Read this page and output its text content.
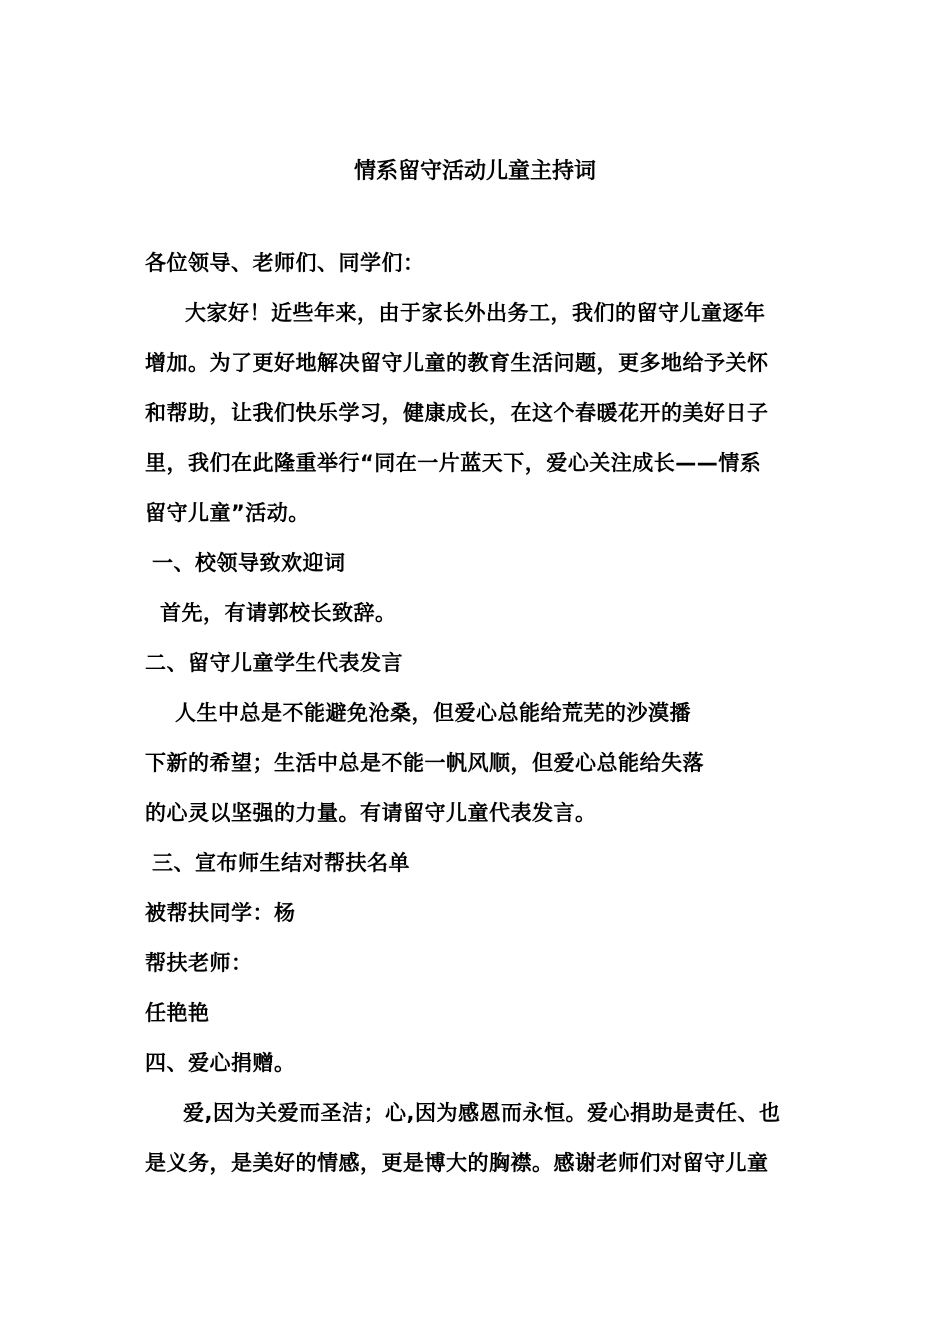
情系留守活动儿童主持词
各位领导、老师们、同学们：
大家好！近些年来，由于家长外出务工，我们的留守儿童逐年
增加。为了更好地解决留守儿童的教育生活问题，更多地给予关怀
和帮助，让我们快乐学习，健康成长，在这个春暖花开的美好日子
里，我们在此隆重举行“同在一片蓝天下，爱心关注成长——情系
留守儿童”活动。
一、校领导致欢迎词
首先，有请郭校长致辞。
二、留守儿童学生代表发言
人生中总是不能避免沧桑，但爱心总能给荒芜的沙漠播
下新的希望；生活中总是不能一帆风顺，但爱心总能给失落
的心灵以坚强的力量。有请留守儿童代表发言。
三、宣布师生结对帮扶名单
被帮扶同学：杨
帮扶老师：
任艳艳
四、爱心捐赠。
爱,因为关爱而圣洁；心,因为感恩而永恒。爱心捐助是责任、也
是义务，是美好的情感，更是博大的胸襟。感谢老师们对留守儿童
